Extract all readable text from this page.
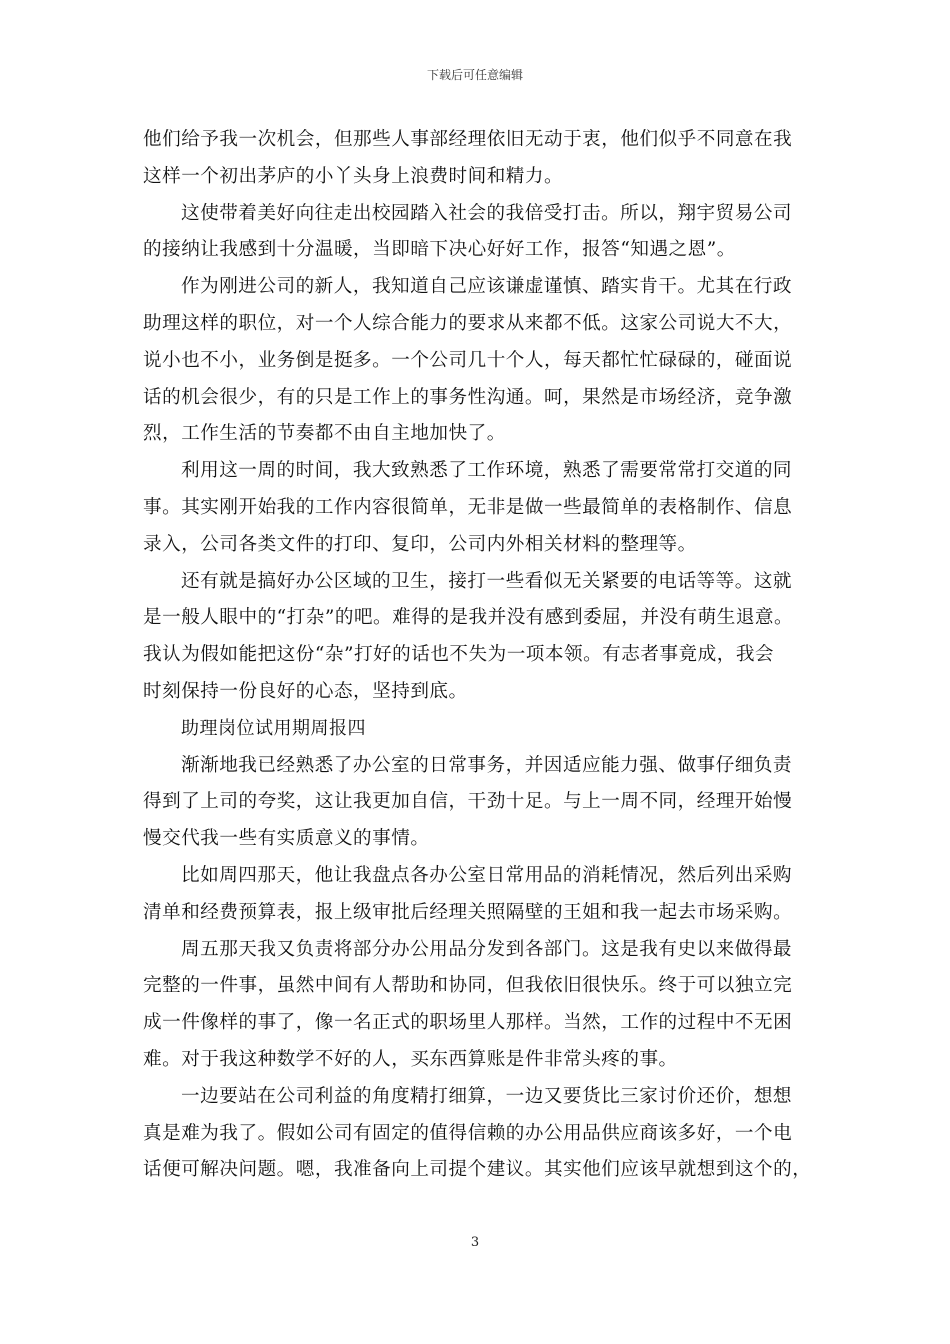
下载后可任意编辑
他们给予我一次机会，但那些人事部经理依旧无动于衷，他们似乎不同意在我
这样一个初出茅庐的小丫头身上浪费时间和精力。
这使带着美好向往走出校园踏入社会的我倍受打击。所以，翔宇贸易公司
的接纳让我感到十分温暖，当即暗下决心好好工作，报答“知遇之恩”。
作为刚进公司的新人，我知道自己应该谦虚谨慎、踏实肯干。尤其在行政
助理这样的职位，对一个人综合能力的要求从来都不低。这家公司说大不大，
说小也不小，业务倒是挺多。一个公司几十个人，每天都忙忙碌碌的，碰面说
话的机会很少，有的只是工作上的事务性沟通。呵，果然是市场经济，竞争激
烈，工作生活的节奏都不由自主地加快了。
利用这一周的时间，我大致熟悉了工作环境，熟悉了需要常常打交道的同
事。其实刚开始我的工作内容很简单，无非是做一些最简单的表格制作、信息
录入，公司各类文件的打印、复印，公司内外相关材料的整理等。
还有就是搞好办公区域的卫生，接打一些看似无关紧要的电话等等。这就
是一般人眼中的“打杂”的吧。难得的是我并没有感到委屈，并没有萌生退意。
我认为假如能把这份“杂”打好的话也不失为一项本领。有志者事竟成，我会
时刻保持一份良好的心态，坚持到底。
助理岗位试用期周报四
渐渐地我已经熟悉了办公室的日常事务，并因适应能力强、做事仔细负责
得到了上司的夸奖，这让我更加自信，干劲十足。与上一周不同，经理开始慢
慢交代我一些有实质意义的事情。
比如周四那天，他让我盘点各办公室日常用品的消耗情况，然后列出采购
清单和经费预算表，报上级审批后经理关照隔壁的王姐和我一起去市场采购。
周五那天我又负责将部分办公用品分发到各部门。这是我有史以来做得最
完整的一件事，虽然中间有人帮助和协同，但我依旧很快乐。终于可以独立完
成一件像样的事了，像一名正式的职场里人那样。当然，工作的过程中不无困
难。对于我这种数学不好的人，买东西算账是件非常头疼的事。
一边要站在公司利益的角度精打细算，一边又要货比三家讨价还价，想想
真是难为我了。假如公司有固定的值得信赖的办公用品供应商该多好，一个电
话便可解决问题。嗯，我准备向上司提个建议。其实他们应该早就想到这个的，
3
